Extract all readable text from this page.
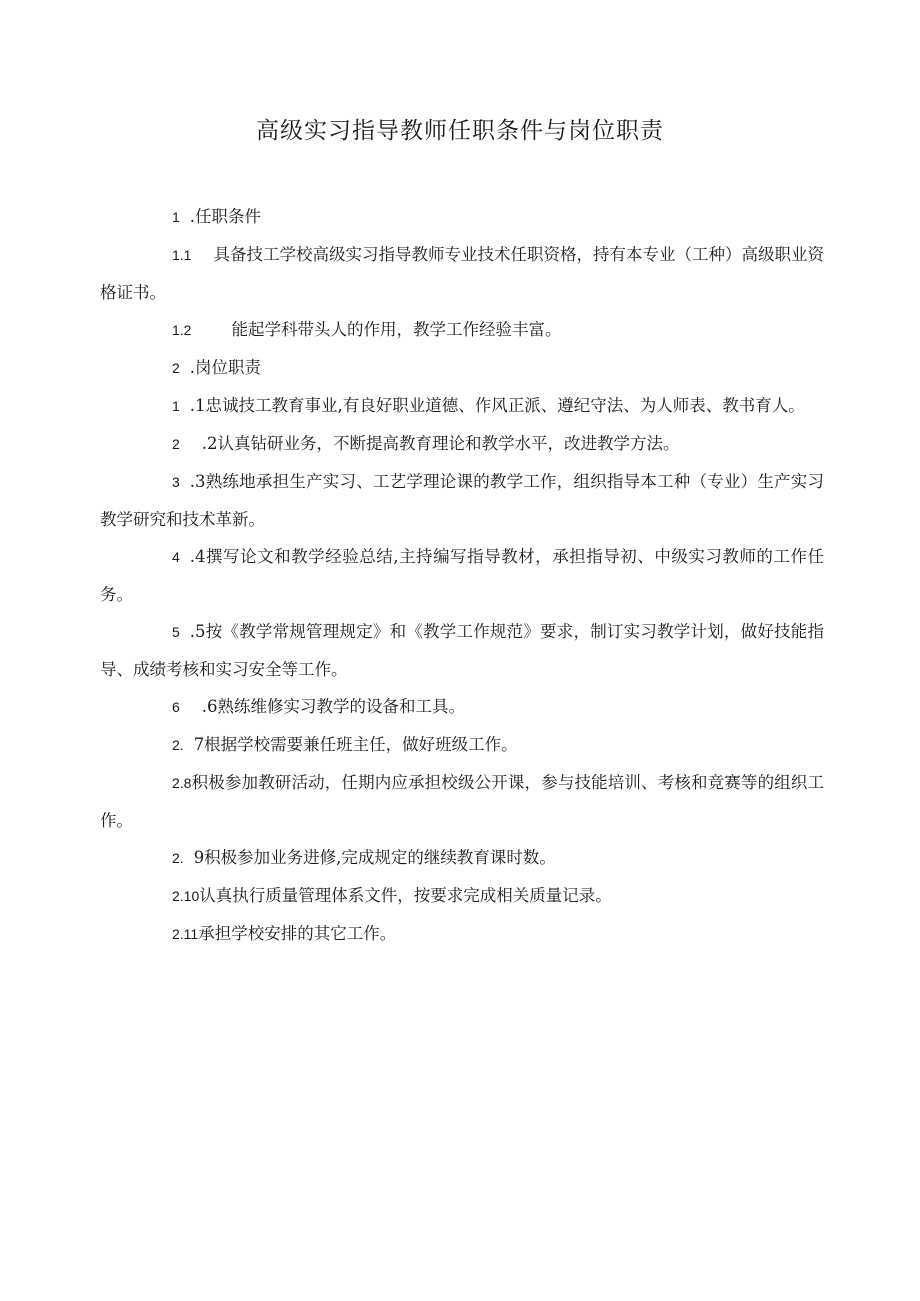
高级实习指导教师任职条件与岗位职责

1 .任职条件

1.1 具备技工学校高级实习指导教师专业技术任职资格，持有本专业（工种）高级职业资格证书。

1.2 能起学科带头人的作用，教学工作经验丰富。

2 .岗位职责

1 .1忠诚技工教育事业,有良好职业道德、作风正派、遵纪守法、为人师表、教书育人。

2 .2认真钻研业务，不断提高教育理论和教学水平，改进教学方法。

3 .3熟练地承担生产实习、工艺学理论课的教学工作，组织指导本工种（专业）生产实习教学研究和技术革新。

4 .4撰写论文和教学经验总结,主持编写指导教材，承担指导初、中级实习教师的工作任务。

5 .5按《教学常规管理规定》和《教学工作规范》要求，制订实习教学计划，做好技能指导、成绩考核和实习安全等工作。

6 .6熟练维修实习教学的设备和工具。

2. 7根据学校需要兼任班主任，做好班级工作。

2.8积极参加教研活动，任期内应承担校级公开课，参与技能培训、考核和竞赛等的组织工作。

2. 9积极参加业务进修,完成规定的继续教育课时数。

2.10认真执行质量管理体系文件，按要求完成相关质量记录。

2.11承担学校安排的其它工作。
